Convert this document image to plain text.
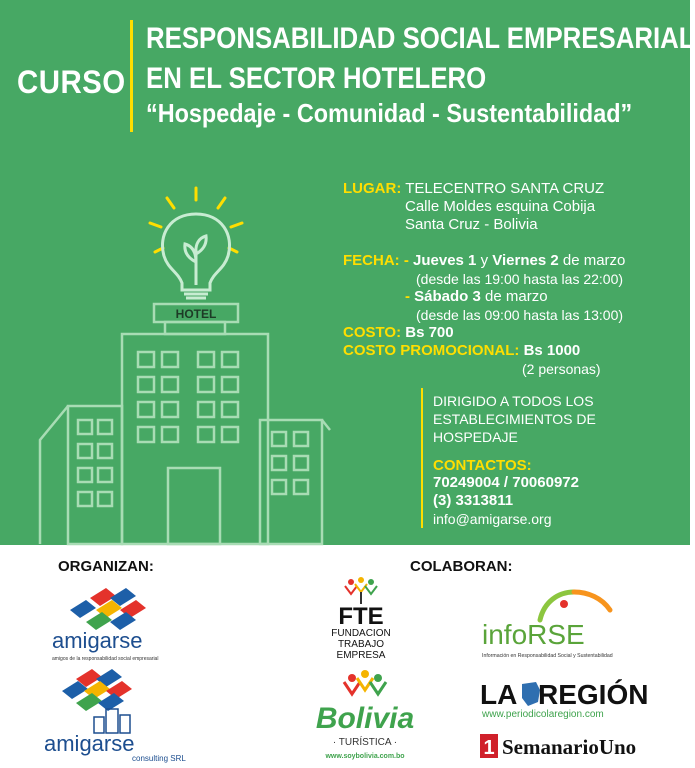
CURSO
RESPONSABILIDAD SOCIAL EMPRESARIAL
EN EL SECTOR HOTELERO
“Hospedaje - Comunidad - Sustentabilidad”
HOTEL
LUGAR: TELECENTRO SANTA CRUZ
Calle Moldes esquina Cobija
Santa Cruz - Bolivia
FECHA: - Jueves 1 y Viernes 2 de marzo
(desde las 19:00 hasta las 22:00)
- Sábado 3 de marzo
(desde las 09:00 hasta las 13:00)
COSTO: Bs 700
COSTO PROMOCIONAL: Bs 1000
(2 personas)
DIRIGIDO A TODOS LOS
ESTABLECIMIENTOS DE
HOSPEDAJE
CONTACTOS:
70249004 / 70060972
(3) 3313811
info@amigarse.org
ORGANIZAN:	COLABORAN:
amigarse
amigos de la responsabilidad social empresarial
amigarse
consulting SRL
FTE
FUNDACION
TRABAJO
EMPRESA
infoRSE
Información en Responsabilidad Social y Sustentabilidad
Bolivia
· TURÍSTICA ·
www.soybolivia.com.bo
LA REGIÓN
www.periodicolaregion.com
1 SemanarioUno
